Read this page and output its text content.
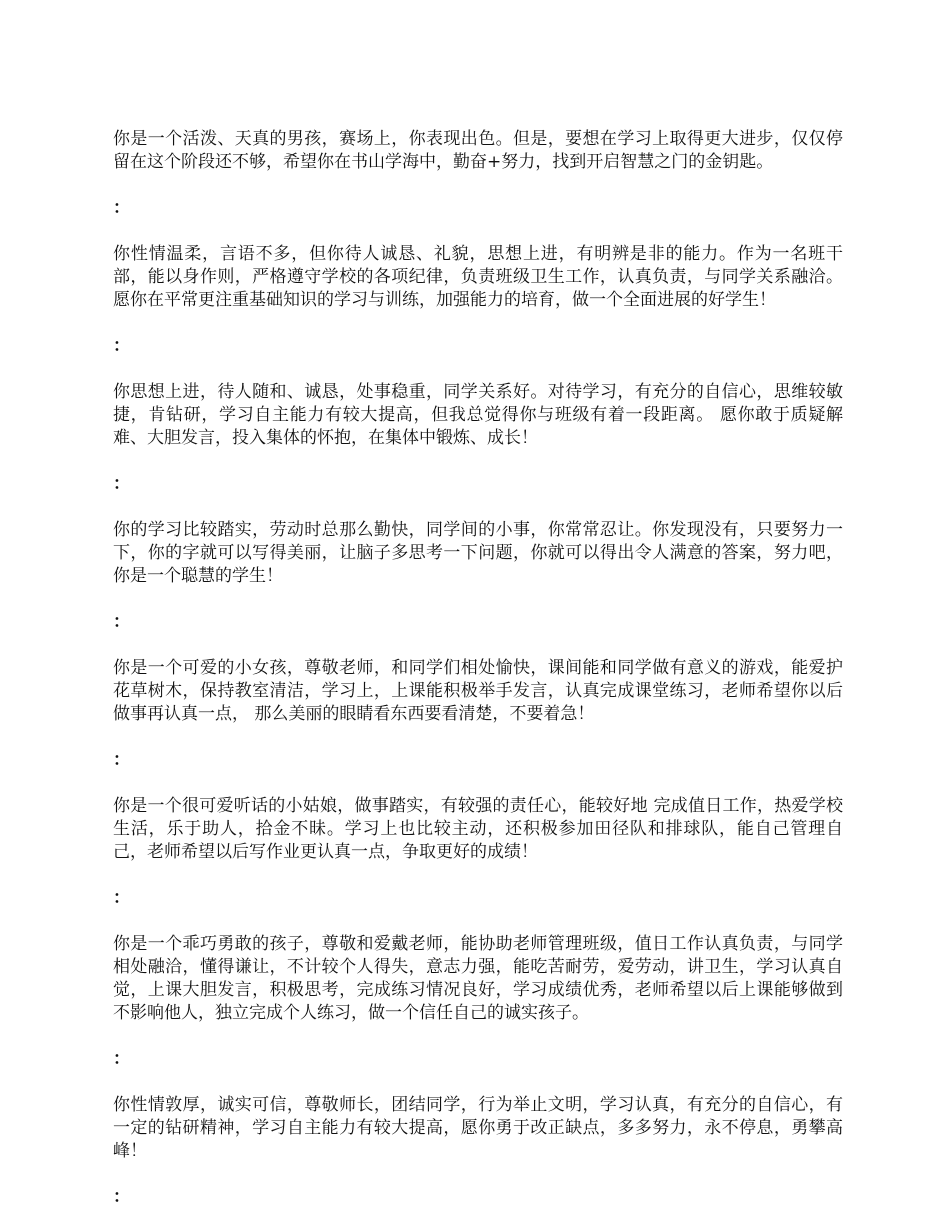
你是一个活泼、天真的男孩，赛场上，你表现出色。但是，要想在学习上取得更大进步，仅仅停留在这个阶段还不够，希望你在书山学海中，勤奋+努力，找到开启智慧之门的金钥匙。

：

你性情温柔，言语不多，但你待人诚恳、礼貌，思想上进，有明辨是非的能力。作为一名班干部，能以身作则，严格遵守学校的各项纪律，负责班级卫生工作，认真负责，与同学关系融洽。 愿你在平常更注重基础知识的学习与训练，加强能力的培育，做一个全面进展的好学生！

：

你思想上进，待人随和、诚恳，处事稳重，同学关系好。对待学习，有充分的自信心，思维较敏捷，肯钻研，学习自主能力有较大提高，但我总觉得你与班级有着一段距离。 愿你敢于质疑解难、大胆发言，投入集体的怀抱，在集体中锻炼、成长！

：

你的学习比较踏实，劳动时总那么勤快，同学间的小事，你常常忍让。你发现没有，只要努力一下，你的字就可以写得美丽，让脑子多思考一下问题，你就可以得出令人满意的答案，努力吧，你是一个聪慧的学生！

：

你是一个可爱的小女孩，尊敬老师，和同学们相处愉快，课间能和同学做有意义的游戏，能爱护花草树木，保持教室清洁，学习上，上课能积极举手发言，认真完成课堂练习，老师希望你以后做事再认真一点， 那么美丽的眼睛看东西要看清楚，不要着急！

：

你是一个很可爱听话的小姑娘，做事踏实，有较强的责任心，能较好地 完成值日工作，热爱学校生活，乐于助人，拾金不昧。学习上也比较主动，还积极参加田径队和排球队，能自己管理自己，老师希望以后写作业更认真一点，争取更好的成绩！

：

你是一个乖巧勇敢的孩子，尊敬和爱戴老师，能协助老师管理班级，值日工作认真负责，与同学相处融洽，懂得谦让，不计较个人得失，意志力强，能吃苦耐劳，爱劳动，讲卫生，学习认真自觉，上课大胆发言，积极思考，完成练习情况良好，学习成绩优秀，老师希望以后上课能够做到不影响他人，独立完成个人练习，做一个信任自己的诚实孩子。

：

你性情敦厚，诚实可信，尊敬师长，团结同学，行为举止文明，学习认真，有充分的自信心，有一定的钻研精神，学习自主能力有较大提高，愿你勇于改正缺点，多多努力，永不停息，勇攀高峰！

：
